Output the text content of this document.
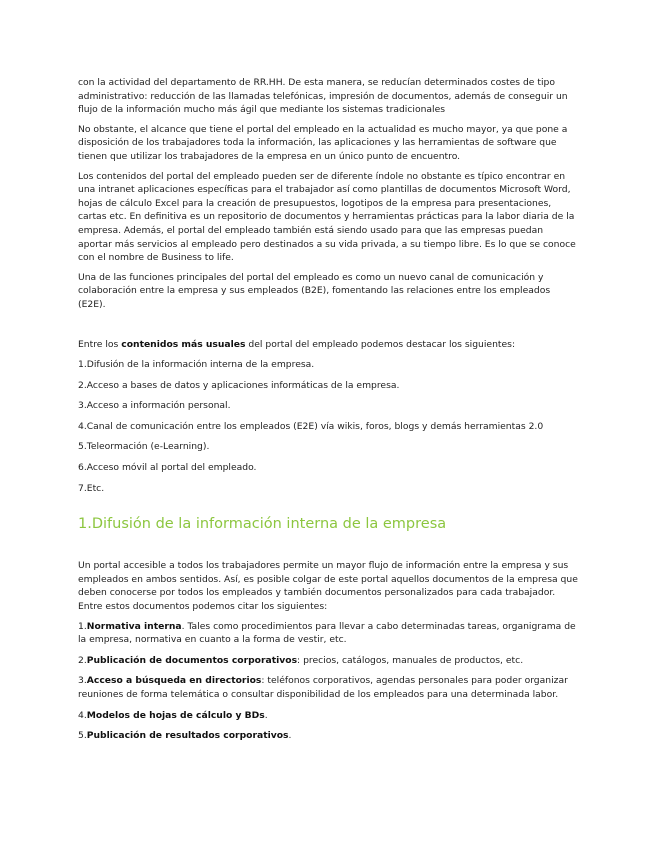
con la actividad del departamento de RR.HH. De esta manera, se reducían determinados costes de tipo administrativo: reducción de las llamadas telefónicas, impresión de documentos, además de conseguir un flujo de la información mucho más ágil que mediante los sistemas tradicionales

No obstante, el alcance que tiene el portal del empleado en la actualidad es mucho mayor, ya que pone a disposición de los trabajadores toda la información, las aplicaciones y las herramientas de software que tienen que utilizar los trabajadores de la empresa en un único punto de encuentro.

Los contenidos del portal del empleado pueden ser de diferente índole no obstante es típico encontrar en una intranet aplicaciones específicas para el trabajador así como plantillas de documentos Microsoft Word, hojas de cálculo Excel para la creación de presupuestos, logotipos de la empresa para presentaciones, cartas etc. En definitiva es un repositorio de documentos y herramientas prácticas para la labor diaria de la empresa. Además, el portal del empleado también está siendo usado para que las empresas puedan aportar más servicios al empleado pero destinados a su vida privada, a su tiempo libre. Es lo que se conoce con el nombre de Business to life.

Una de las funciones principales del portal del empleado es como un nuevo canal de comunicación y colaboración entre la empresa y sus empleados (B2E), fomentando las relaciones entre los empleados (E2E).

Entre los contenidos más usuales del portal del empleado podemos destacar los siguientes:

1.Difusión de la información interna de la empresa.

2.Acceso a bases de datos y aplicaciones informáticas de la empresa.

3.Acceso a información personal.

4.Canal de comunicación entre los empleados (E2E) vía wikis, foros, blogs y demás herramientas 2.0

5.Teleormación (e-Learning).

6.Acceso móvil al portal del empleado.

7.Etc.

1.Difusión de la información interna de la empresa

Un portal accesible a todos los trabajadores permite un mayor flujo de información entre la empresa y sus empleados en ambos sentidos. Así, es posible colgar de este portal aquellos documentos de la empresa que deben conocerse por todos los empleados y también documentos personalizados para cada trabajador. Entre estos documentos podemos citar los siguientes:

1.Normativa interna. Tales como procedimientos para llevar a cabo determinadas tareas, organigrama de la empresa, normativa en cuanto a la forma de vestir, etc.

2.Publicación de documentos corporativos: precios, catálogos, manuales de productos, etc.

3.Acceso a búsqueda en directorios: teléfonos corporativos, agendas personales para poder organizar reuniones de forma telemática o consultar disponibilidad de los empleados para una determinada labor.

4.Modelos de hojas de cálculo y BDs.

5.Publicación de resultados corporativos.
